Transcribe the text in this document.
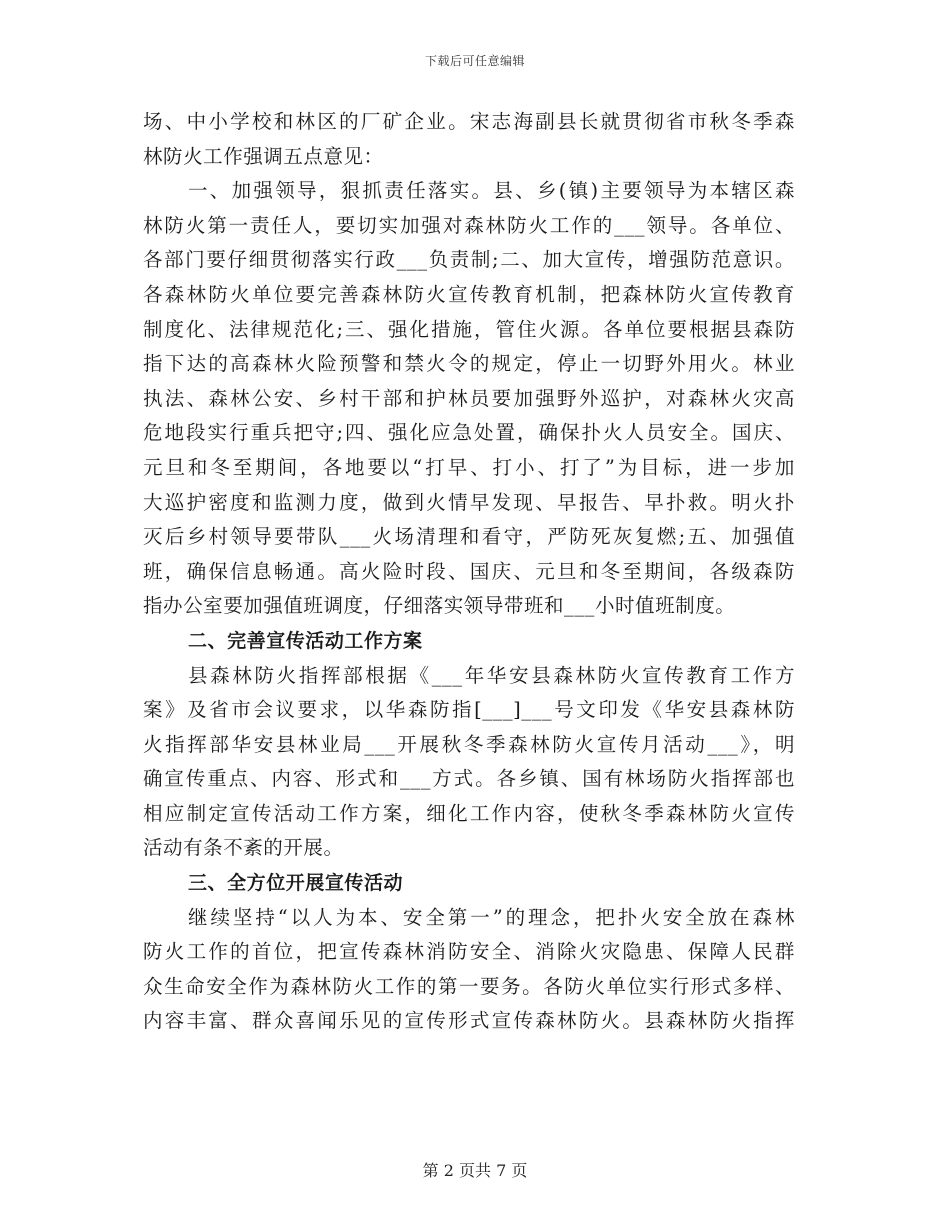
下载后可任意编辑
场、中小学校和林区的厂矿企业。宋志海副县长就贯彻省市秋冬季森
林防火工作强调五点意见：
一、加强领导，狠抓责任落实。县、乡(镇)主要领导为本辖区森
林防火第一责任人，要切实加强对森林防火工作的___领导。各单位、
各部门要仔细贯彻落实行政___负责制;二、加大宣传，增强防范意识。
各森林防火单位要完善森林防火宣传教育机制，把森林防火宣传教育
制度化、法律规范化;三、强化措施，管住火源。各单位要根据县森防
指下达的高森林火险预警和禁火令的规定，停止一切野外用火。林业
执法、森林公安、乡村干部和护林员要加强野外巡护，对森林火灾高
危地段实行重兵把守;四、强化应急处置，确保扑火人员安全。国庆、
元旦和冬至期间，各地要以“打早、打小、打了”为目标，进一步加
大巡护密度和监测力度，做到火情早发现、早报告、早扑救。明火扑
灭后乡村领导要带队___火场清理和看守，严防死灰复燃;五、加强值
班，确保信息畅通。高火险时段、国庆、元旦和冬至期间，各级森防
指办公室要加强值班调度，仔细落实领导带班和___小时值班制度。
二、完善宣传活动工作方案
县森林防火指挥部根据《___年华安县森林防火宣传教育工作方
案》及省市会议要求，以华森防指[___]___号文印发《华安县森林防
火指挥部华安县林业局___开展秋冬季森林防火宣传月活动___》，明
确宣传重点、内容、形式和___方式。各乡镇、国有林场防火指挥部也
相应制定宣传活动工作方案，细化工作内容，使秋冬季森林防火宣传
活动有条不紊的开展。
三、全方位开展宣传活动
继续坚持“以人为本、安全第一”的理念，把扑火安全放在森林
防火工作的首位，把宣传森林消防安全、消除火灾隐患、保障人民群
众生命安全作为森林防火工作的第一要务。各防火单位实行形式多样、
内容丰富、群众喜闻乐见的宣传形式宣传森林防火。县森林防火指挥
第 2 页共 7 页
